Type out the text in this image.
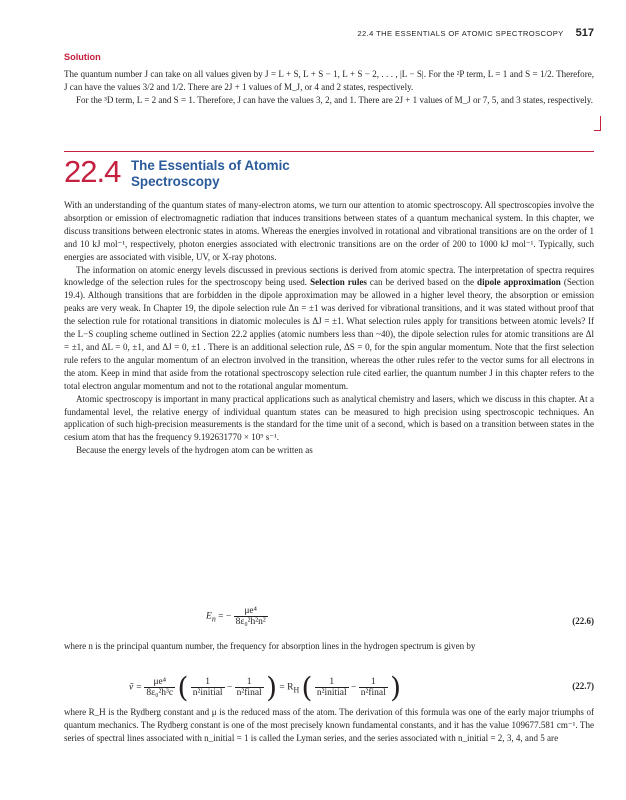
22.4 THE ESSENTIALS OF ATOMIC SPECTROSCOPY 517
Solution

The quantum number J can take on all values given by J = L + S, L + S − 1, L + S − 2, . . . , |L − S|. For the ²P term, L = 1 and S = 1/2. Therefore, J can have the values 3/2 and 1/2. There are 2J + 1 values of M_J, or 4 and 2 states, respectively.

For the ³D term, L = 2 and S = 1. Therefore, J can have the values 3, 2, and 1. There are 2J + 1 values of M_J or 7, 5, and 3 states, respectively.

22.4 The Essentials of Atomic
Spectroscopy

With an understanding of the quantum states of many-electron atoms, we turn our attention to atomic spectroscopy. All spectroscopies involve the absorption or emission of electromagnetic radiation that induces transitions between states of a quantum mechanical system. In this chapter, we discuss transitions between electronic states in atoms. Whereas the energies involved in rotational and vibrational transitions are on the order of 1 and 10 kJ mol⁻¹, respectively, photon energies associated with electronic transitions are on the order of 200 to 1000 kJ mol⁻¹. Typically, such energies are associated with visible, UV, or X-ray photons.

The information on atomic energy levels discussed in previous sections is derived from atomic spectra. The interpretation of spectra requires knowledge of the selection rules for the spectroscopy being used. Selection rules can be derived based on the dipole approximation (Section 19.4). Although transitions that are forbidden in the dipole approximation may be allowed in a higher level theory, the absorption or emission peaks are very weak. In Chapter 19, the dipole selection rule Δn = ±1 was derived for vibrational transitions, and it was stated without proof that the selection rule for rotational transitions in diatomic molecules is ΔJ = ±1. What selection rules apply for transitions between atomic levels? If the L−S coupling scheme outlined in Section 22.2 applies (atomic numbers less than ~40), the dipole selection rules for atomic transitions are Δl = ±1, and ΔL = 0, ±1, and ΔJ = 0, ±1 . There is an additional selection rule, ΔS = 0, for the spin angular momentum. Note that the first selection rule refers to the angular momentum of an electron involved in the transition, whereas the other rules refer to the vector sums for all electrons in the atom. Keep in mind that aside from the rotational spectroscopy selection rule cited earlier, the quantum number J in this chapter refers to the total electron angular momentum and not to the rotational angular momentum.

Atomic spectroscopy is important in many practical applications such as analytical chemistry and lasers, which we discuss in this chapter. At a fundamental level, the relative energy of individual quantum states can be measured to high precision using spectroscopic techniques. An application of such high-precision measurements is the standard for the time unit of a second, which is based on a transition between states in the cesium atom that has the frequency 9.192631770 × 10⁹ s⁻¹.

Because the energy levels of the hydrogen atom can be written as

$E_n$ = − $\frac{\text{μe⁴}}{\text{8ε₀²h²n²}}$	(22.6)
where n is the principal quantum number, the frequency for absorption lines in the hydrogen spectrum is given by
ṽ = $\frac{\text{μe⁴}}{\text{8ε₀²h³c}}$ ( $\frac{1}{\text{n²initial}} - \frac{1}{\text{n²final}}$ ) = $R_H$ ( $\frac{1}{\text{n²initial}} - \frac{1}{\text{n²final}}$ )	(22.7)
where R_H is the Rydberg constant and μ is the reduced mass of the atom. The derivation of this formula was one of the early major triumphs of quantum mechanics. The Rydberg constant is one of the most precisely known fundamental constants, and it has the value 109677.581 cm⁻¹. The series of spectral lines associated with n_initial = 1 is called the Lyman series, and the series associated with n_initial = 2, 3, 4, and 5 are
